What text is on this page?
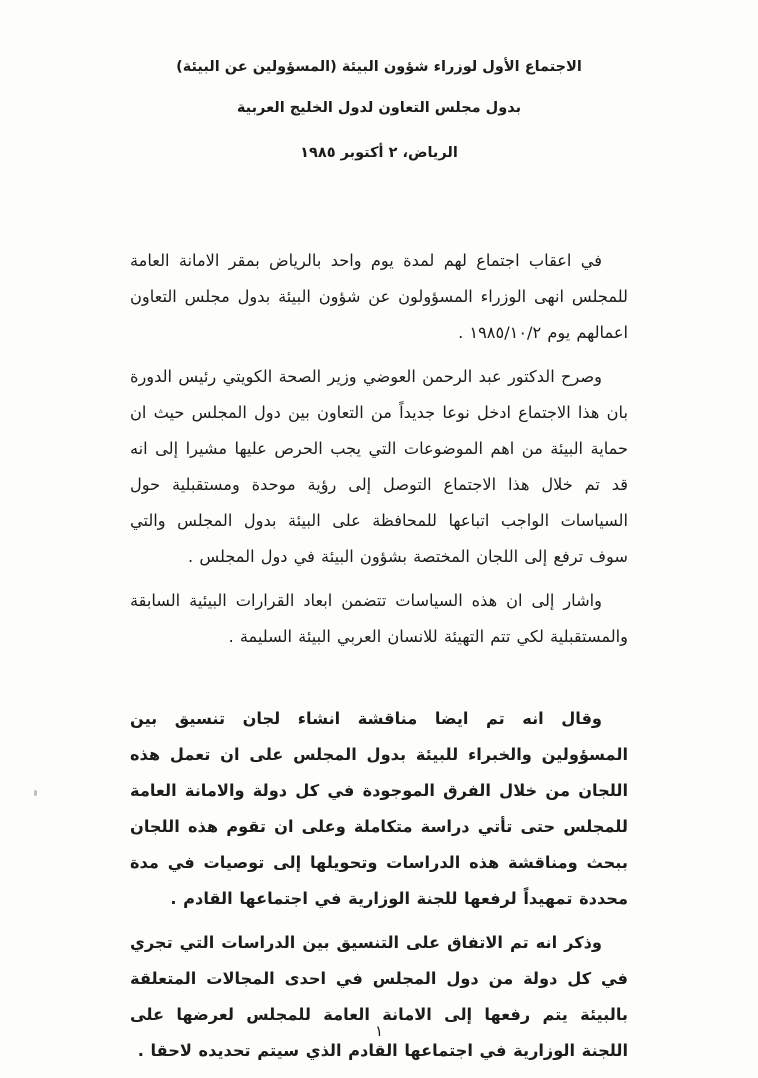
الاجتماع الأول لوزراء شؤون البيئة (المسؤولين عن البيئة)
بدول مجلس التعاون لدول الخليج العربية
الرياض، ٢ أكتوبر ١٩٨٥

في اعقاب اجتماع لهم لمدة يوم واحد بالرياض بمقر الامانة العامة للمجلس انهى الوزراء المسؤولون عن شؤون البيئة بدول مجلس التعاون اعمالهم يوم ١٩٨٥/١٠/٢ .

وصرح الدكتور عبد الرحمن العوضي وزير الصحة الكويتي رئيس الدورة بان هذا الاجتماع ادخل نوعا جديداً من التعاون بين دول المجلس حيث ان حماية البيئة من اهم الموضوعات التي يجب الحرص عليها مشيرا إلى انه قد تم خلال هذا الاجتماع التوصل إلى رؤية موحدة ومستقبلية حول السياسات الواجب اتباعها للمحافظة على البيئة بدول المجلس والتي سوف ترفع إلى اللجان المختصة بشؤون البيئة في دول المجلس .

واشار إلى ان هذه السياسات تتضمن ابعاد القرارات البيئية السابقة والمستقبلية لكي تتم التهيئة للانسان العربي البيئة السليمة .

وقال انه تم ايضا مناقشة انشاء لجان تنسيق بين المسؤولين والخبراء للبيئة بدول المجلس على ان تعمل هذه اللجان من خلال الفرق الموجودة في كل دولة والامانة العامة للمجلس حتى تأتي دراسة متكاملة وعلى ان تقوم هذه اللجان ببحث ومناقشة هذه الدراسات وتحويلها إلى توصيات في مدة محددة تمهيداً لرفعها للجنة الوزارية في اجتماعها القادم .

وذكر انه تم الاتفاق على التنسيق بين الدراسات التي تجري في كل دولة من دول المجلس في احدى المجالات المتعلقة بالبيئة يتم رفعها إلى الامانة العامة للمجلس لعرضها على اللجنة الوزارية في اجتماعها القادم الذي سيتم تحديده لاحقا .

١
